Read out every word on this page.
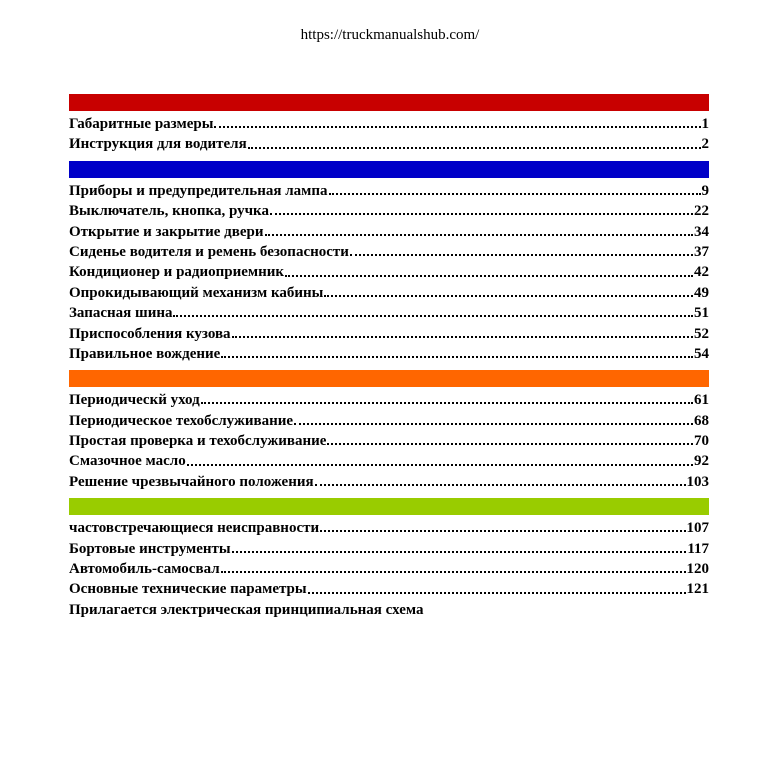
https://truckmanualshub.com/
Габаритные размеры	1
Инструкция для водителя	2
Приборы и предупредительная лампа	9
Выключатель, кнопка, ручка	22
Открытие и закрытие двери	34
Сиденье водителя и ремень безопасности	37
Кондиционер и радиоприемник	42
Опрокидывающий механизм кабины	49
Запасная шина	51
Приспособления кузова	52
Правильное вождение	54
Периодическй уход	61
Периодическое техобслуживание	68
Простая проверка и техобслуживание	70
Смазочное масло	92
Решение чрезвычайного положения	103
частовстречающиеся неисправности	107
Бортовые инструменты	117
Автомобиль-самосвал	120
Основные технические параметры	121
Прилагается электрическая принципиальная схема
